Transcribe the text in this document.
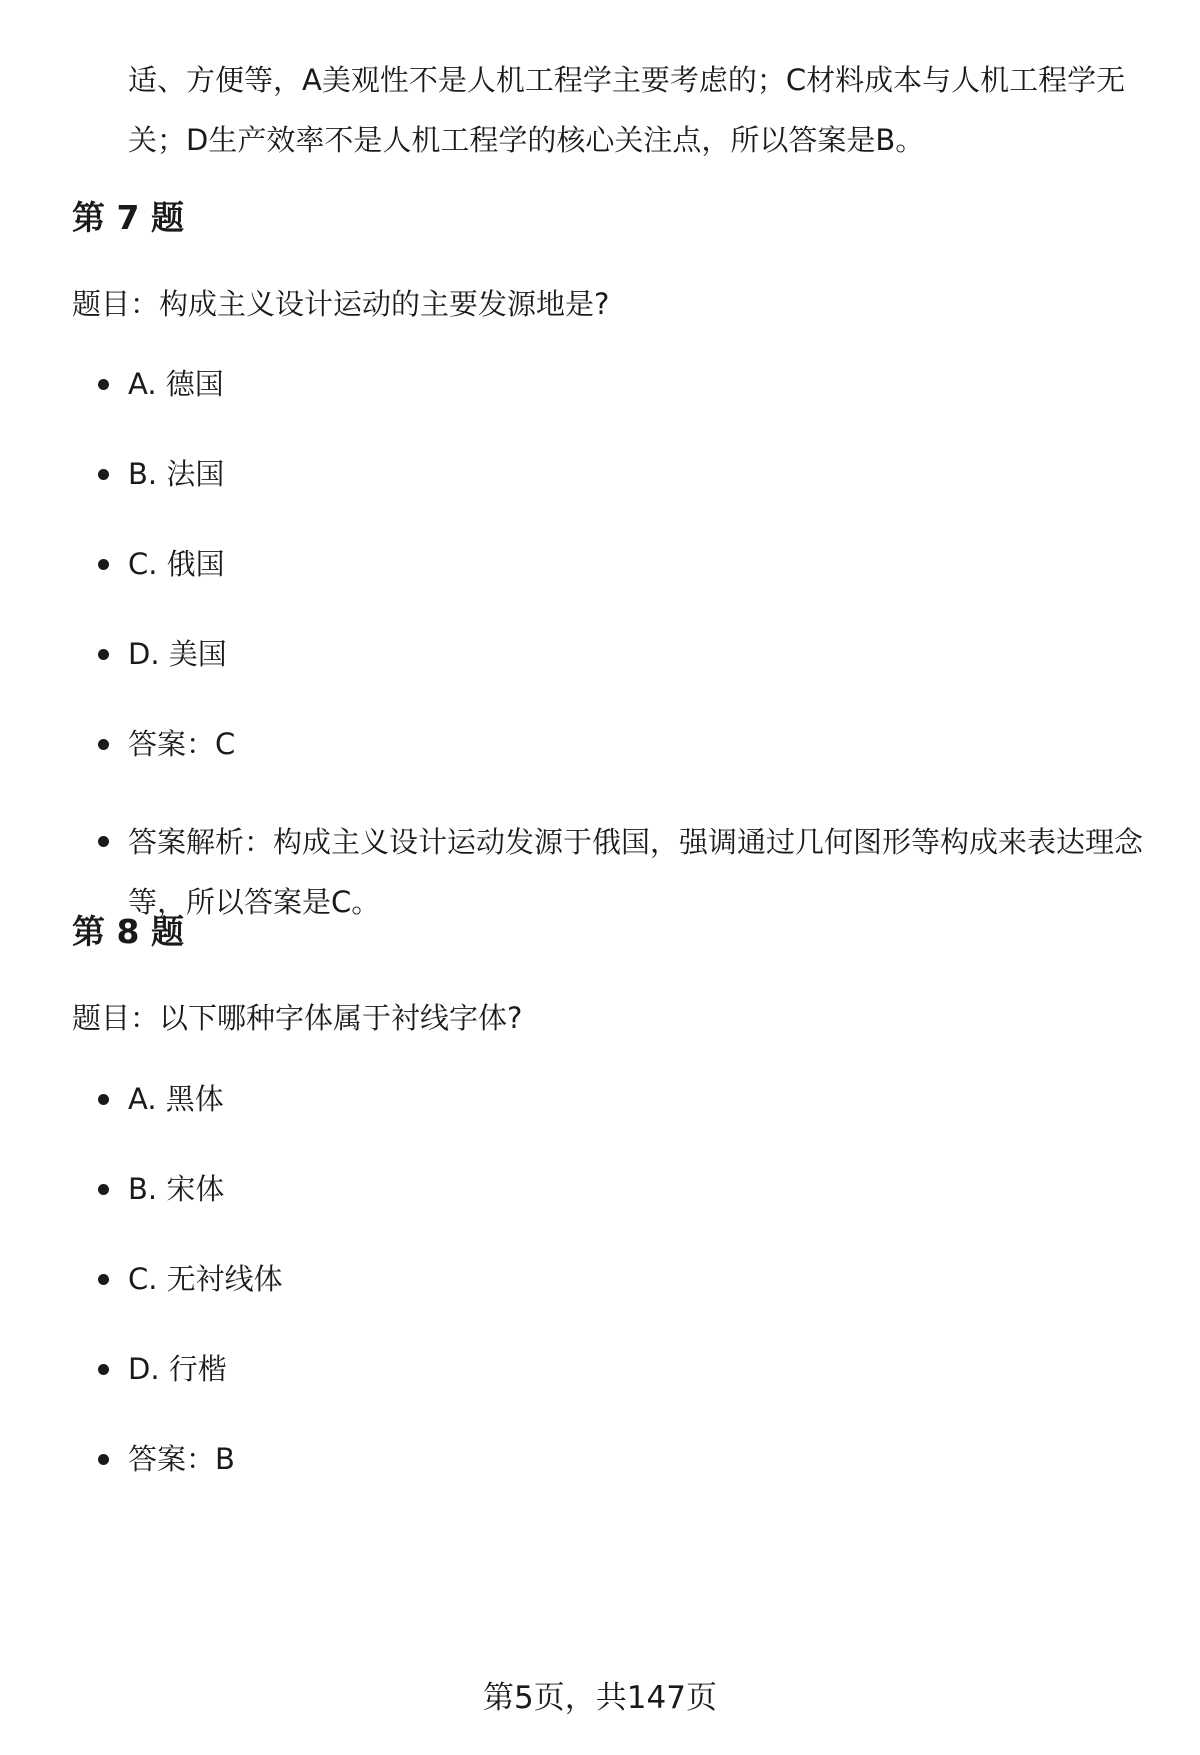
适、方便等，A美观性不是人机工程学主要考虑的；C材料成本与人机工程学无关；D生产效率不是人机工程学的核心关注点，所以答案是B。

第 7 题

题目：构成主义设计运动的主要发源地是?

A. 德国
B. 法国
C. 俄国
D. 美国
答案：C
答案解析：构成主义设计运动发源于俄国，强调通过几何图形等构成来表达理念等，所以答案是C。
第 8 题

题目：以下哪种字体属于衬线字体?

A. 黑体
B. 宋体
C. 无衬线体
D. 行楷
答案：B

第5页，共147页
